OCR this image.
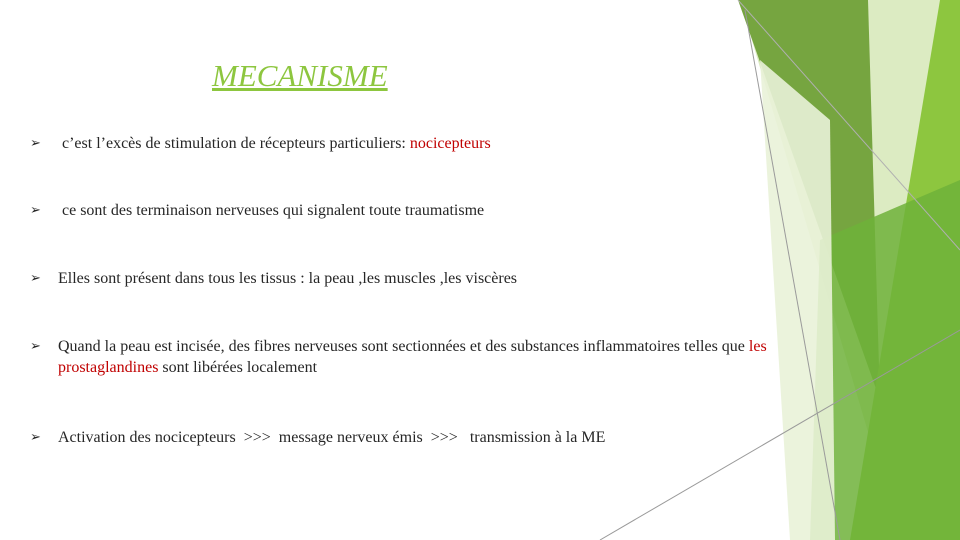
MECANISME
➢ c’est l’excès de stimulation de récepteurs particuliers: nocicepteurs
➢ ce sont des terminaison nerveuses qui signalent toute traumatisme
➢ Elles sont présent dans tous les tissus : la peau ,les muscles ,les viscères
➢ Quand la peau est incisée, des fibres nerveuses sont sectionnées et des substances inflammatoires telles que les prostaglandines sont libérées localement
➢ Activation des nocicepteurs  >>>  message nerveux émis  >>>   transmission à la ME
